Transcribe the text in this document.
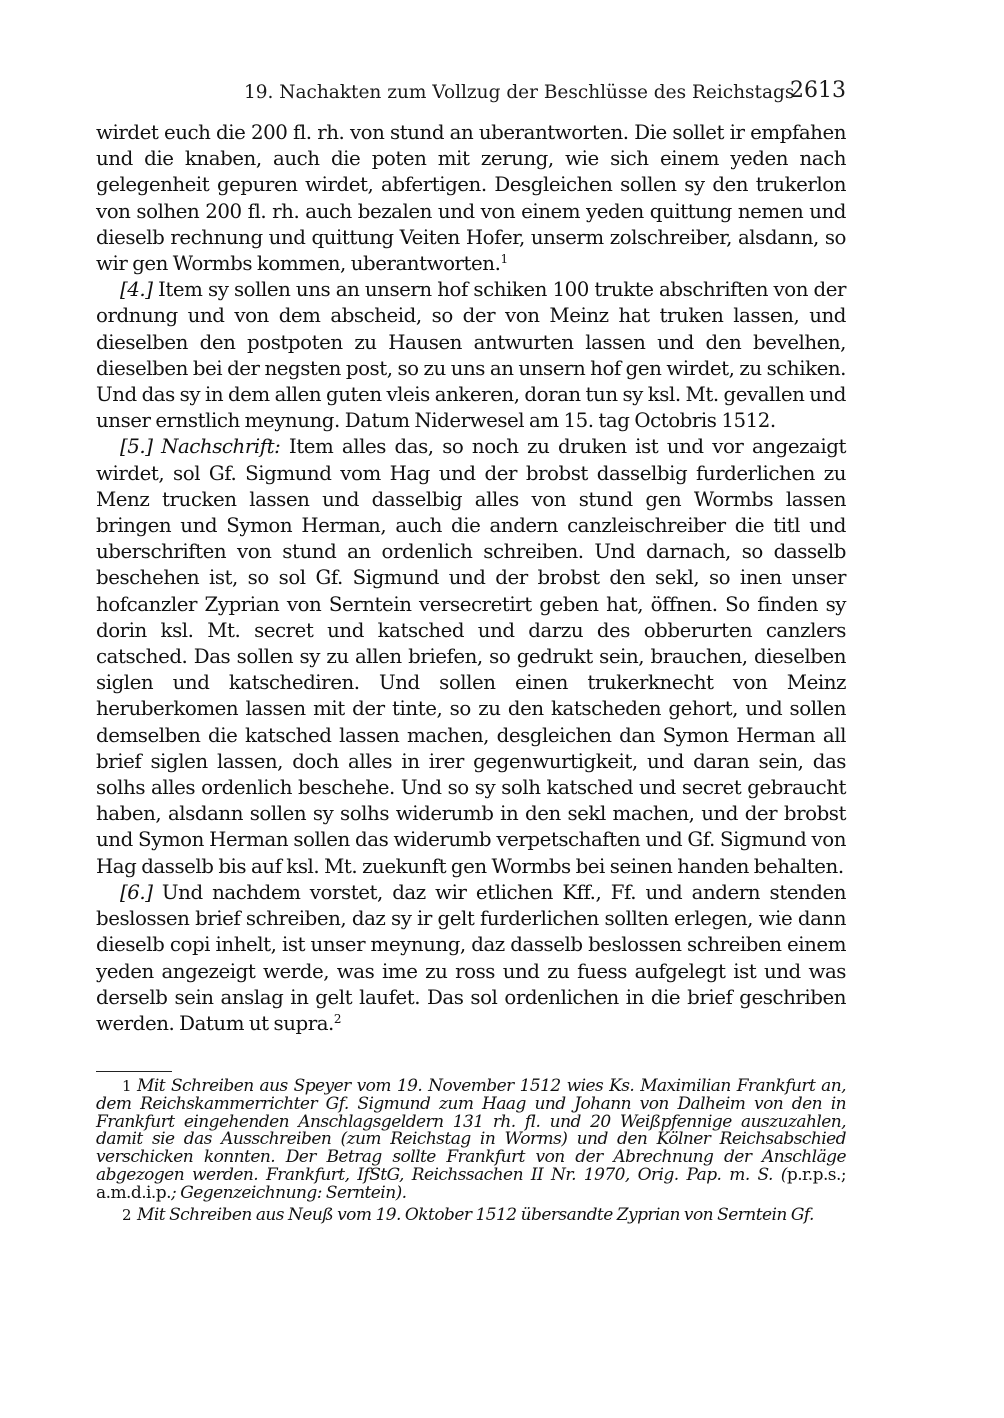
19. Nachakten zum Vollzug der Beschlüsse des Reichstags
2613

wirdet euch die 200 fl. rh. von stund an uberantworten. Die sollet ir empfahen und die knaben, auch die poten mit zerung, wie sich einem yeden nach gelegenheit gepuren wirdet, abfertigen. Desgleichen sollen sy den trukerlon von solhen 200 fl. rh. auch bezalen und von einem yeden quittung nemen und dieselb rechnung und quittung Veiten Hofer, unserm zolschreiber, alsdann, so wir gen Wormbs kommen, uberantworten.$^1$

[4.] Item sy sollen uns an unsern hof schiken 100 trukte abschriften von der ordnung und von dem abscheid, so der von Meinz hat truken lassen, und dieselben den postpoten zu Hausen antwurten lassen und den bevelhen, dieselben bei der negsten post, so zu uns an unsern hof gen wirdet, zu schiken. Und das sy in dem allen guten vleis ankeren, doran tun sy ksl. Mt. gevallen und unser ernstlich meynung. Datum Niderwesel am 15. tag Octobris 1512.

[5.] Nachschrift: Item alles das, so noch zu druken ist und vor angezaigt wirdet, sol Gf. Sigmund vom Hag und der brobst dasselbig furderlichen zu Menz trucken lassen und dasselbig alles von stund gen Wormbs lassen bringen und Symon Herman, auch die andern canzleischreiber die titl und uberschriften von stund an ordenlich schreiben. Und darnach, so dasselb beschehen ist, so sol Gf. Sigmund und der brobst den sekl, so inen unser hofcanzler Zyprian von Serntein versecretirt geben hat, öffnen. So finden sy dorin ksl. Mt. secret und katsched und darzu des obberurten canzlers catsched. Das sollen sy zu allen briefen, so gedrukt sein, brauchen, dieselben siglen und katschediren. Und sollen einen trukerknecht von Meinz heruberkomen lassen mit der tinte, so zu den katscheden gehort, und sollen demselben die katsched lassen machen, desgleichen dan Symon Herman all brief siglen lassen, doch alles in irer gegenwurtigkeit, und daran sein, das solhs alles ordenlich beschehe. Und so sy solh katsched und secret gebraucht haben, alsdann sollen sy solhs widerumb in den sekl machen, und der brobst und Symon Herman sollen das widerumb verpetschaften und Gf. Sigmund von Hag dasselb bis auf ksl. Mt. zuekunft gen Wormbs bei seinen handen behalten.

[6.] Und nachdem vorstet, daz wir etlichen Kff., Ff. und andern stenden beslossen brief schreiben, daz sy ir gelt furderlichen sollten erlegen, wie dann dieselb copi inhelt, ist unser meynung, daz dasselb beslossen schreiben einem yeden angezeigt werde, was ime zu ross und zu fuess aufgelegt ist und was derselb sein anslag in gelt laufet. Das sol ordenlichen in die brief geschriben werden. Datum ut supra.$^2$

1 Mit Schreiben aus Speyer vom 19. November 1512 wies Ks. Maximilian Frankfurt an, dem Reichskammerrichter Gf. Sigmund zum Haag und Johann von Dalheim von den in Frankfurt eingehenden Anschlagsgeldern 131 rh. fl. und 20 Weißpfennige auszuzahlen, damit sie das Ausschreiben (zum Reichstag in Worms) und den Kölner Reichsabschied verschicken konnten. Der Betrag sollte Frankfurt von der Abrechnung der Anschläge abgezogen werden. Frankfurt, IfStG, Reichssachen II Nr. 1970, Orig. Pap. m. S. (p.r.p.s.; a.m.d.i.p.; Gegenzeichnung: Serntein).

2 Mit Schreiben aus Neuß vom 19. Oktober 1512 übersandte Zyprian von Serntein Gf.
